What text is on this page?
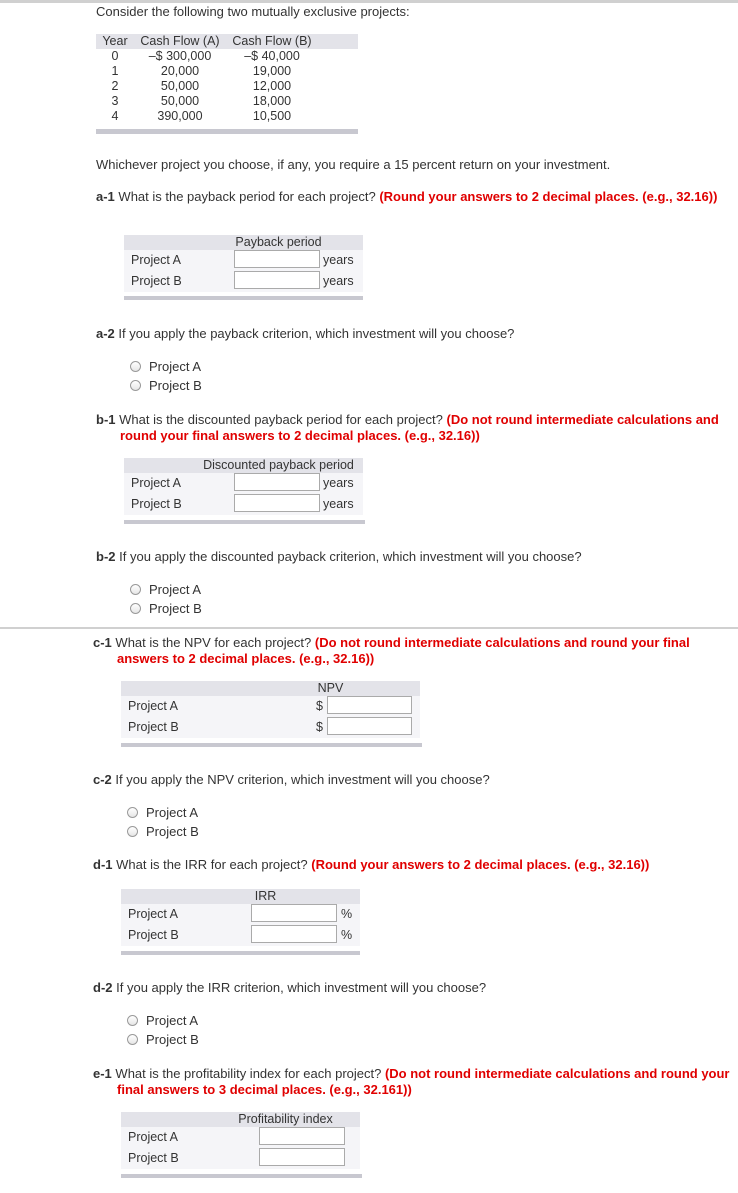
Consider the following two mutually exclusive projects:
Year	Cash Flow (A)	Cash Flow (B)
0	–$ 300,000	–$ 40,000
1	20,000	19,000
2	50,000	12,000
3	50,000	18,000
4	390,000	10,500
Whichever project you choose, if any, you require a 15 percent return on your investment.
a-1 What is the payback period for each project? (Round your answers to 2 decimal places. (e.g., 32.16))
Payback period
Project A	years
Project B	years
a-2 If you apply the payback criterion, which investment will you choose?
Project A
Project B
b-1 What is the discounted payback period for each project? (Do not round intermediate calculations and round your final answers to 2 decimal places. (e.g., 32.16))
Discounted payback period
Project A	years
Project B	years
b-2 If you apply the discounted payback criterion, which investment will you choose?
Project A
Project B
c-1 What is the NPV for each project? (Do not round intermediate calculations and round your final answers to 2 decimal places. (e.g., 32.16))
NPV
Project A	$
Project B	$
c-2 If you apply the NPV criterion, which investment will you choose?
Project A
Project B
d-1 What is the IRR for each project? (Round your answers to 2 decimal places. (e.g., 32.16))
IRR
Project A	%
Project B	%
d-2 If you apply the IRR criterion, which investment will you choose?
Project A
Project B
e-1 What is the profitability index for each project? (Do not round intermediate calculations and round your final answers to 3 decimal places. (e.g., 32.161))
Profitability index
Project A
Project B
